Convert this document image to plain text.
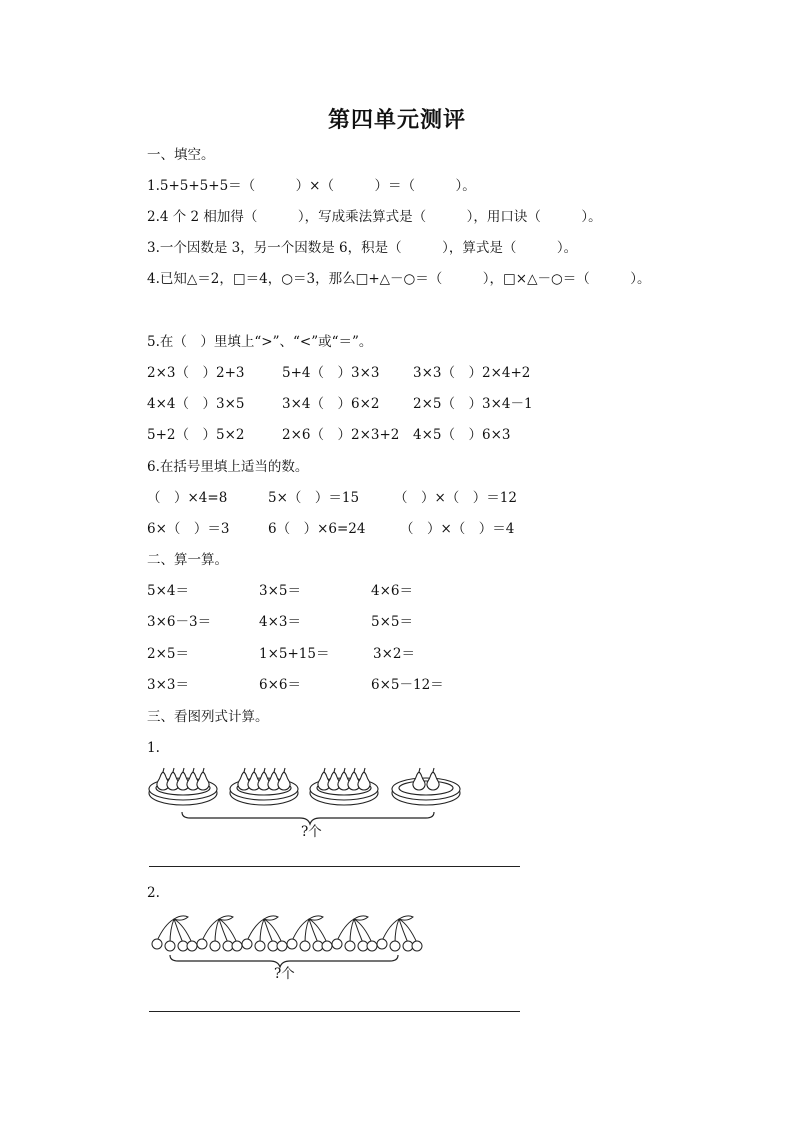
第四单元测评
一、填空。
1.5+5+5+5＝（　　　）×（　　　）＝（　　　）。
2.4 个 2 相加得（　　　），写成乘法算式是（　　　），用口诀（　　　）。
3.一个因数是 3，另一个因数是 6，积是（　　　），算式是（　　　）。
4.已知△＝2，□＝4，○＝3，那么□+△－○＝（　　　），□×△－○＝（　　　）。
5.在（　）里填上“>”、“<”或“＝”。
2×3（　）2+3	5+4（　）3×3 3×3（　）2×4+2
4×4（　）3×5	3×4（　）6×2 2×5（　）3×4－1
5+2（　）5×2	2×6（　）2×3+2 4×5（　）6×3
6.在括号里填上适当的数。
（　）×4=8	5×（　）＝15	（　）×（　）＝12
6×（　）＝3	6（　）×6=24	（　）×（　）＝4
二、算一算。
5×4＝	3×5＝	4×6＝
3×6－3＝	4×3＝	5×5＝
2×5＝	1×5+15＝	3×2＝
3×3＝	6×6＝	6×5－12＝
三、看图列式计算。
1.
?个
2.
?个
